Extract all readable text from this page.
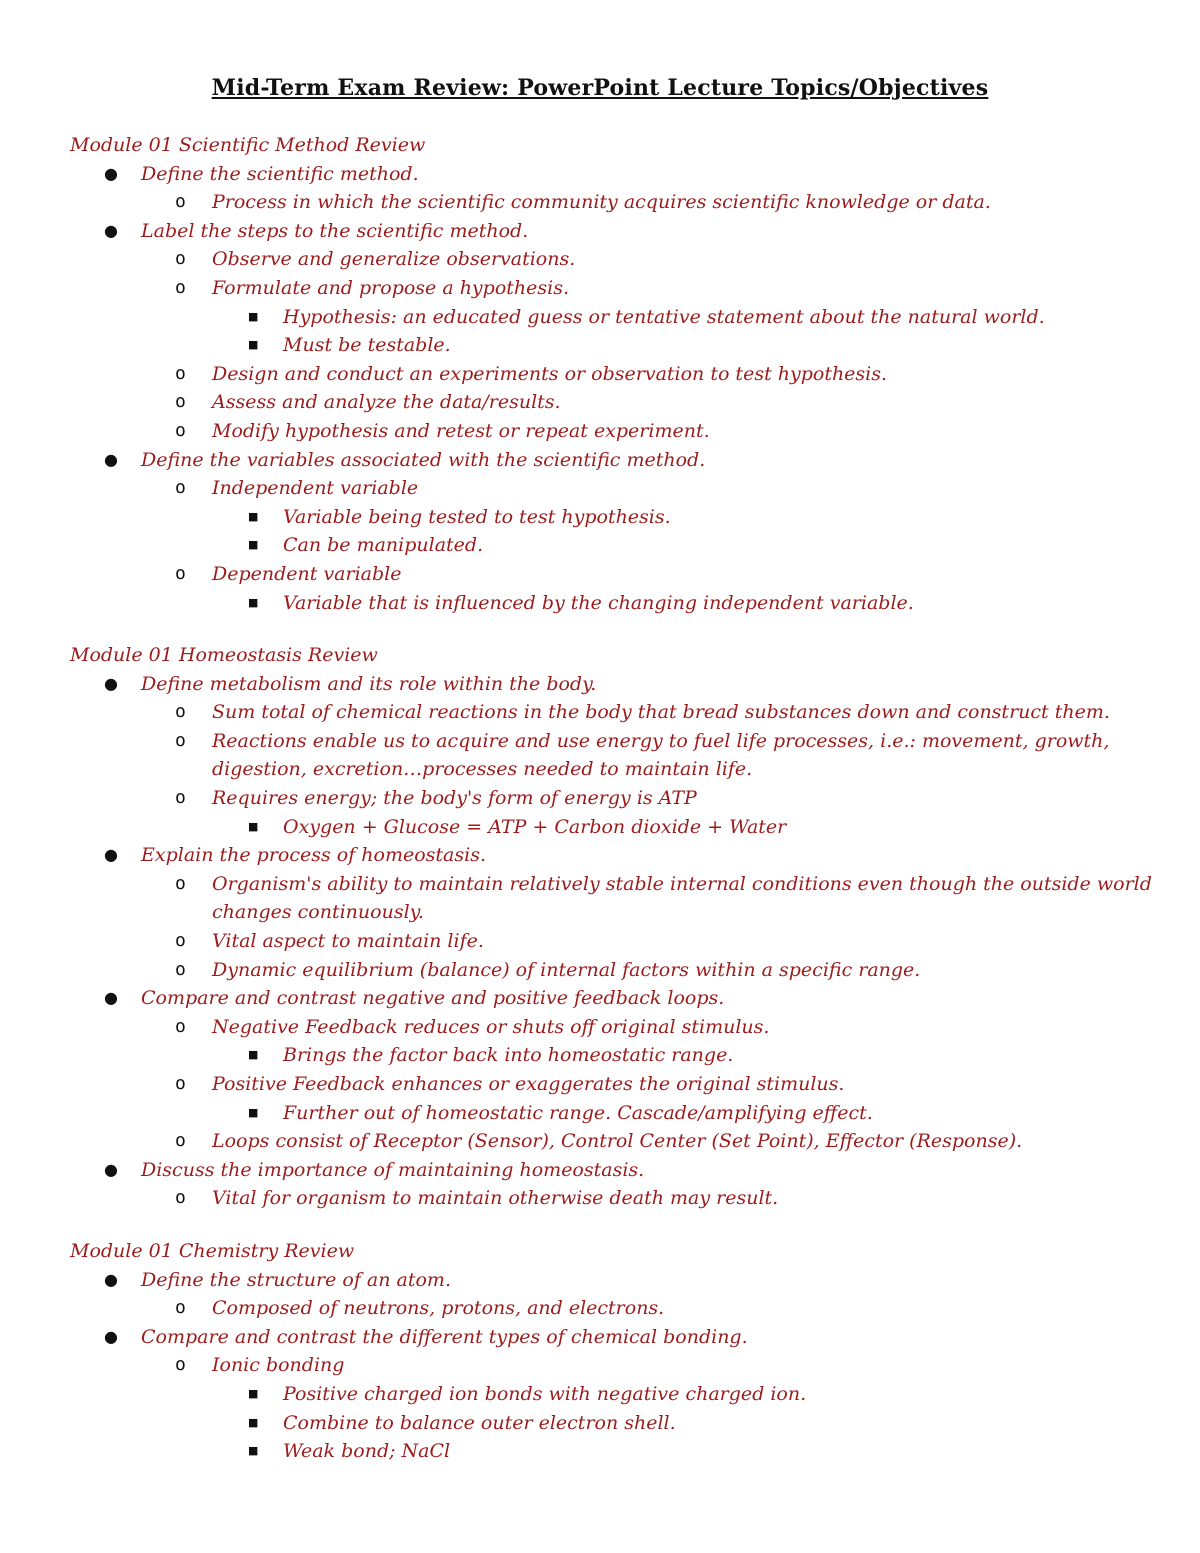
Mid-Term Exam Review: PowerPoint Lecture Topics/Objectives

Module 01 Scientific Method Review

● Define the scientific method.
o Process in which the scientific community acquires scientific knowledge or data.
● Label the steps to the scientific method.
o Observe and generalize observations.
o Formulate and propose a hypothesis.
■ Hypothesis: an educated guess or tentative statement about the natural world.
■ Must be testable.
o Design and conduct an experiments or observation to test hypothesis.
o Assess and analyze the data/results.
o Modify hypothesis and retest or repeat experiment.
● Define the variables associated with the scientific method.
o Independent variable
■ Variable being tested to test hypothesis.
■ Can be manipulated.
o Dependent variable
■ Variable that is influenced by the changing independent variable.

Module 01 Homeostasis Review

● Define metabolism and its role within the body.
o Sum total of chemical reactions in the body that bread substances down and construct them.
o Reactions enable us to acquire and use energy to fuel life processes, i.e.: movement, growth, digestion, excretion…processes needed to maintain life.
o Requires energy; the body's form of energy is ATP
■ Oxygen + Glucose = ATP + Carbon dioxide + Water
● Explain the process of homeostasis.
o Organism's ability to maintain relatively stable internal conditions even though the outside world changes continuously.
o Vital aspect to maintain life.
o Dynamic equilibrium (balance) of internal factors within a specific range.
● Compare and contrast negative and positive feedback loops.
o Negative Feedback reduces or shuts off original stimulus.
■ Brings the factor back into homeostatic range.
o Positive Feedback enhances or exaggerates the original stimulus.
■ Further out of homeostatic range. Cascade/amplifying effect.
o Loops consist of Receptor (Sensor), Control Center (Set Point), Effector (Response).
● Discuss the importance of maintaining homeostasis.
o Vital for organism to maintain otherwise death may result.

Module 01 Chemistry Review

● Define the structure of an atom.
o Composed of neutrons, protons, and electrons.
● Compare and contrast the different types of chemical bonding.
o Ionic bonding
■ Positive charged ion bonds with negative charged ion.
■ Combine to balance outer electron shell.
■ Weak bond; NaCl
